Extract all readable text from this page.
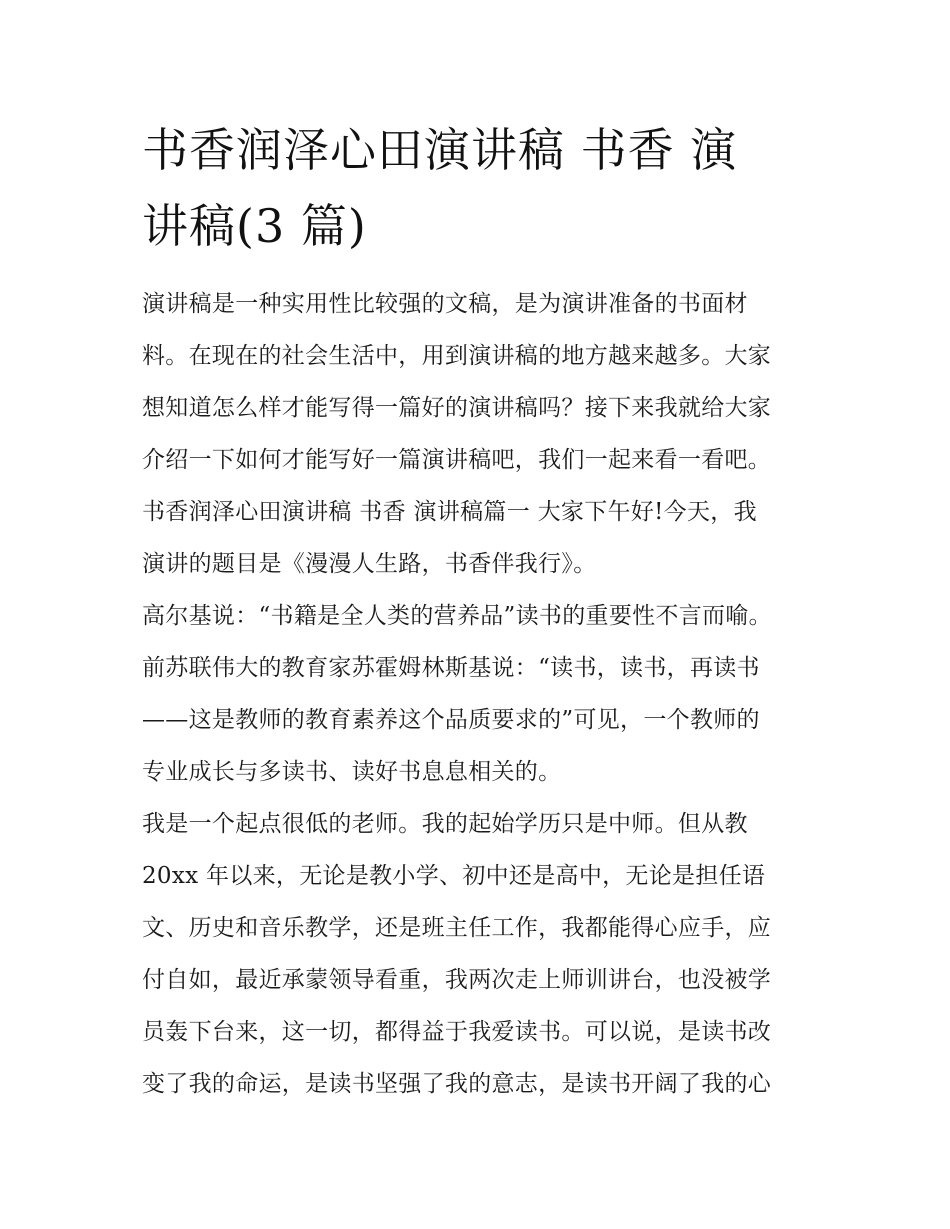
书香润泽心田演讲稿 书香 演
讲稿(3 篇)
演讲稿是一种实用性比较强的文稿，是为演讲准备的书面材
料。在现在的社会生活中，用到演讲稿的地方越来越多。大家
想知道怎么样才能写得一篇好的演讲稿吗？接下来我就给大家
介绍一下如何才能写好一篇演讲稿吧，我们一起来看一看吧。
书香润泽心田演讲稿 书香 演讲稿篇一 大家下午好!今天，我
演讲的题目是《漫漫人生路，书香伴我行》。
高尔基说：“书籍是全人类的营养品”读书的重要性不言而喻。
前苏联伟大的教育家苏霍姆林斯基说：“读书，读书，再读书
——这是教师的教育素养这个品质要求的”可见，一个教师的
专业成长与多读书、读好书息息相关的。
我是一个起点很低的老师。我的起始学历只是中师。但从教
20xx 年以来，无论是教小学、初中还是高中，无论是担任语
文、历史和音乐教学，还是班主任工作，我都能得心应手，应
付自如，最近承蒙领导看重，我两次走上师训讲台，也没被学
员轰下台来，这一切，都得益于我爱读书。可以说，是读书改
变了我的命运，是读书坚强了我的意志，是读书开阔了我的心
